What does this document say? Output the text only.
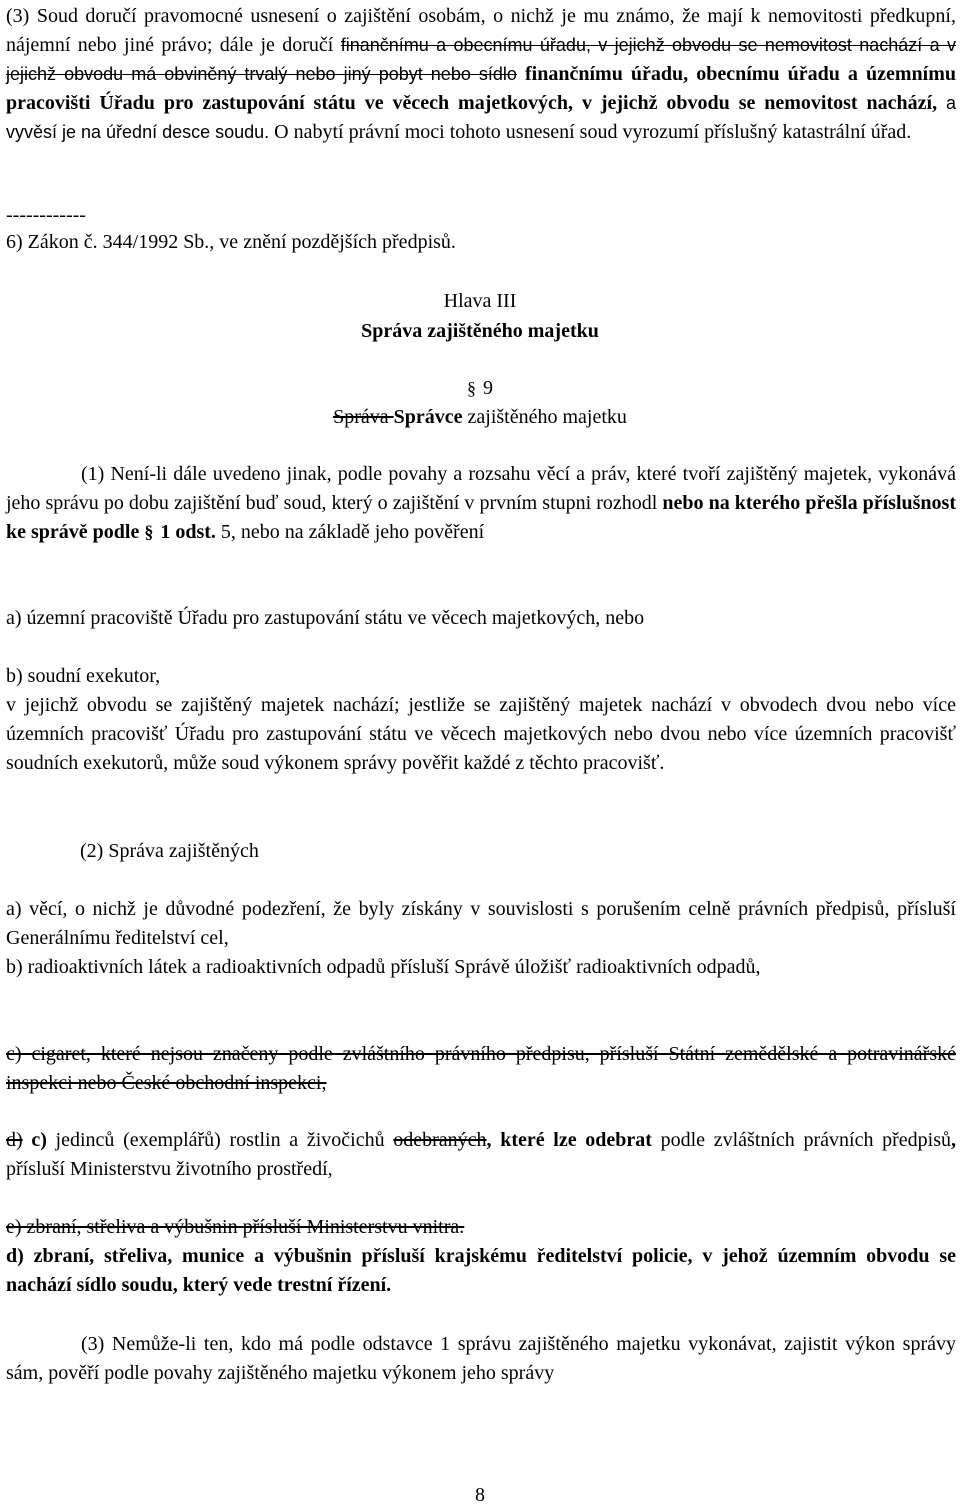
(3) Soud doručí pravomocné usnesení o zajištění osobám, o nichž je mu známo, že mají k nemovitosti předkupní, nájemní nebo jiné právo; dále je doručí finančnímu a obecnímu úřadu, v jejichž obvodu se nemovitost nachází a v jejichž obvodu má obviněný trvalý nebo jiný pobyt nebo sídlo finančnímu úřadu, obecnímu úřadu a územnímu pracovišti Úřadu pro zastupování státu ve věcech majetkových, v jejichž obvodu se nemovitost nachází, a vyvěsí je na úřední desce soudu. O nabytí právní moci tohoto usnesení soud vyrozumí příslušný katastrální úřad.

------------
6) Zákon č. 344/1992 Sb., ve znění pozdějších předpisů.
Hlava III
Správa zajištěného majetku
§ 9
Správa Správce zajištěného majetku

(1) Není-li dále uvedeno jinak, podle povahy a rozsahu věcí a práv, které tvoří zajištěný majetek, vykonává jeho správu po dobu zajištění buď soud, který o zajištění v prvním stupni rozhodl nebo na kterého přešla příslušnost ke správě podle § 1 odst. 5, nebo na základě jeho pověření

a) územní pracoviště Úřadu pro zastupování státu ve věcech majetkových, nebo

b) soudní exekutor,

v jejichž obvodu se zajištěný majetek nachází; jestliže se zajištěný majetek nachází v obvodech dvou nebo více územních pracovišť Úřadu pro zastupování státu ve věcech majetkových nebo dvou nebo více územních pracovišť soudních exekutorů, může soud výkonem správy pověřit každé z těchto pracovišť.

(2) Správa zajištěných

a) věcí, o nichž je důvodné podezření, že byly získány v souvislosti s porušením celně právních předpisů, přísluší Generálnímu ředitelství cel,

b) radioaktivních látek a radioaktivních odpadů přísluší Správě úložišť radioaktivních odpadů,

c) cigaret, které nejsou značeny podle zvláštního právního předpisu, přísluší Státní zemědělské a potravinářské inspekci nebo České obchodní inspekci,

d) c) jedinců (exemplářů) rostlin a živočichů odebraných, které lze odebrat podle zvláštních právních předpisů, přísluší Ministerstvu životního prostředí,

e) zbraní, střeliva a výbušnin přísluší Ministerstvu vnitra.

d) zbraní, střeliva, munice a výbušnin přísluší krajskému ředitelství policie, v jehož územním obvodu se nachází sídlo soudu, který vede trestní řízení.

(3) Nemůže-li ten, kdo má podle odstavce 1 správu zajištěného majetku vykonávat, zajistit výkon správy sám, pověří podle povahy zajištěného majetku výkonem jeho správy

8
